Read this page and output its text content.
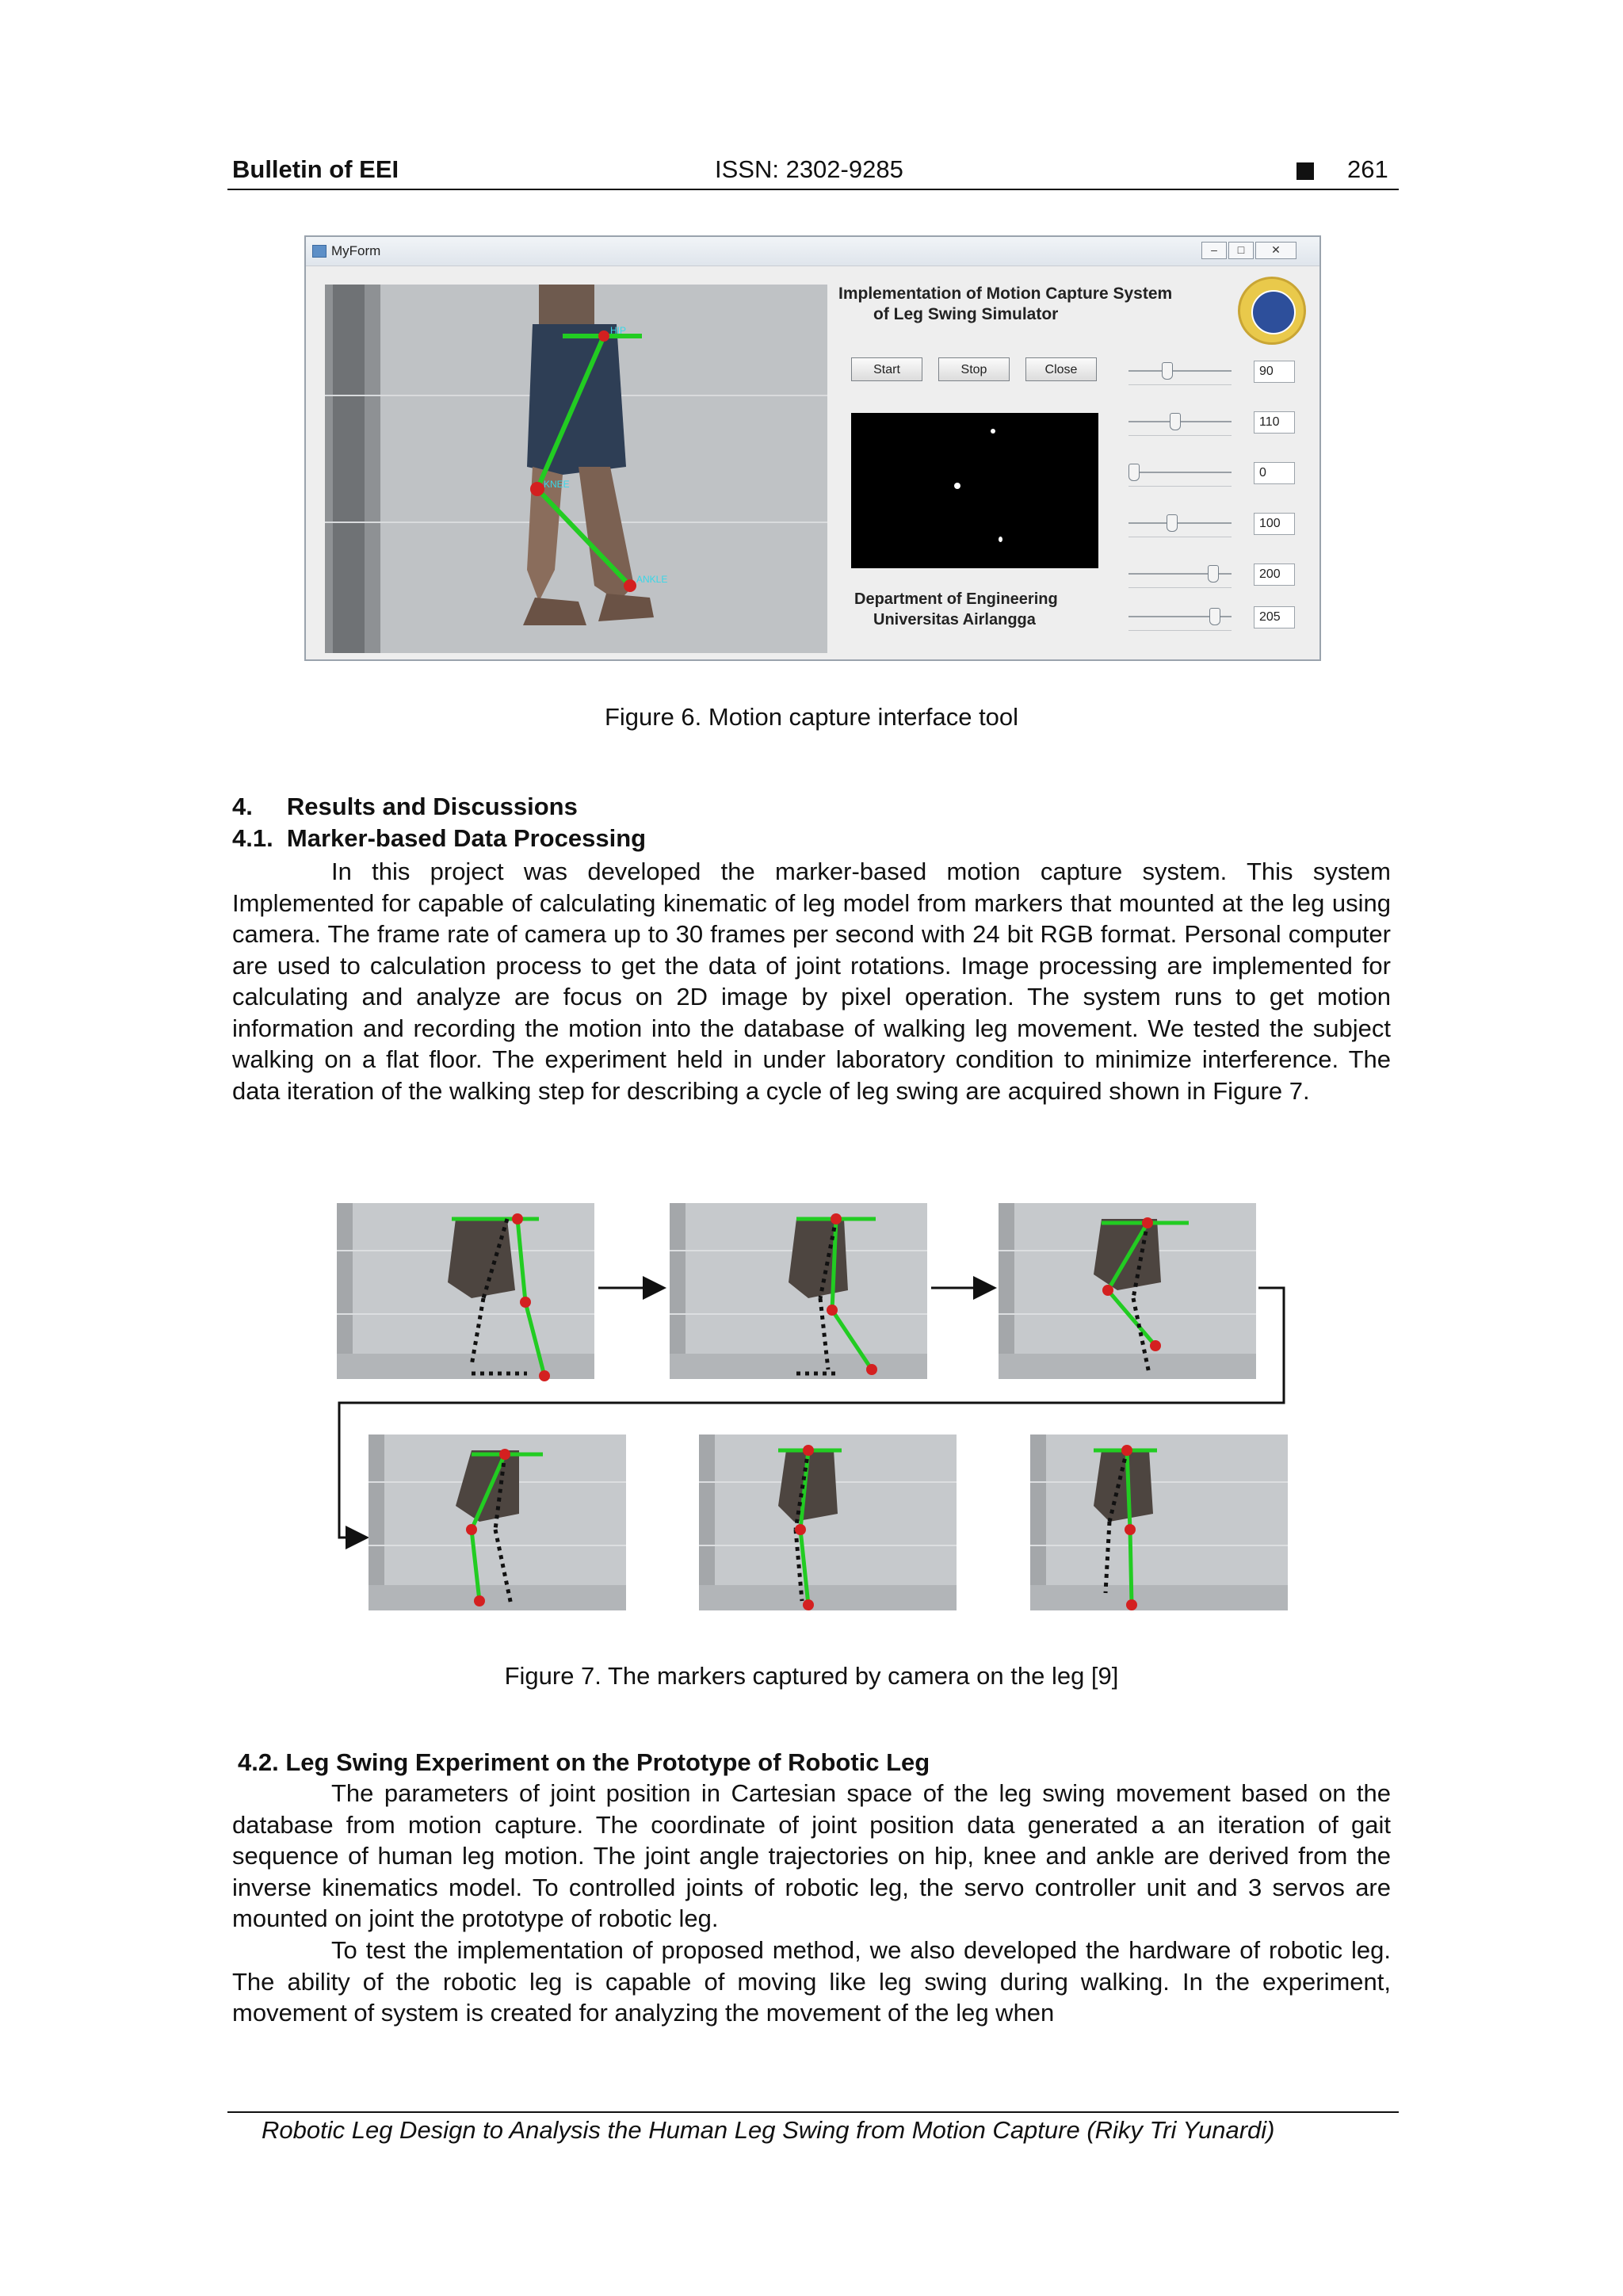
Bulletin of EEI	ISSN: 2302-9285	261
MyForm	–	□	✕
HIP
KNEE
ANKLE
Implementation of Motion Capture System
of Leg Swing Simulator
Start	Stop	Close
Department of Engineering
Universitas Airlangga
90
110
0
100
200
205
Figure 6. Motion capture interface tool
4.     Results and Discussions
4.1.  Marker-based Data Processing
In this project was developed the marker-based motion capture system. This system Implemented for capable of calculating kinematic of leg model from markers that mounted at the leg using camera. The frame rate of camera up to 30 frames per second with 24 bit RGB format. Personal computer are used to calculation process to get the data of joint rotations. Image processing are implemented for calculating and analyze are focus on 2D image by pixel operation. The system runs to get motion information and recording the motion into the database of walking leg movement. We tested the subject walking on a flat floor. The experiment held in under laboratory condition to minimize interference. The data iteration of the walking step for describing a cycle of leg swing are acquired shown in Figure 7.
Figure 7. The markers captured by camera on the leg [9]
4.2. Leg Swing Experiment on the Prototype of Robotic Leg
The parameters of joint position in Cartesian space of the leg swing movement based on the database from motion capture. The coordinate of joint position data generated a an iteration of gait sequence of human leg motion. The joint angle trajectories on hip, knee and ankle are derived from the inverse kinematics model. To controlled joints of robotic leg, the servo controller unit and 3 servos are mounted on joint the prototype of robotic leg.
To test the implementation of proposed method, we also developed the hardware of robotic leg. The ability of the robotic leg is capable of moving like leg swing during walking. In the experiment, movement of system is created for analyzing the movement of the leg when
Robotic Leg Design to Analysis the Human Leg Swing from Motion Capture (Riky Tri Yunardi)
